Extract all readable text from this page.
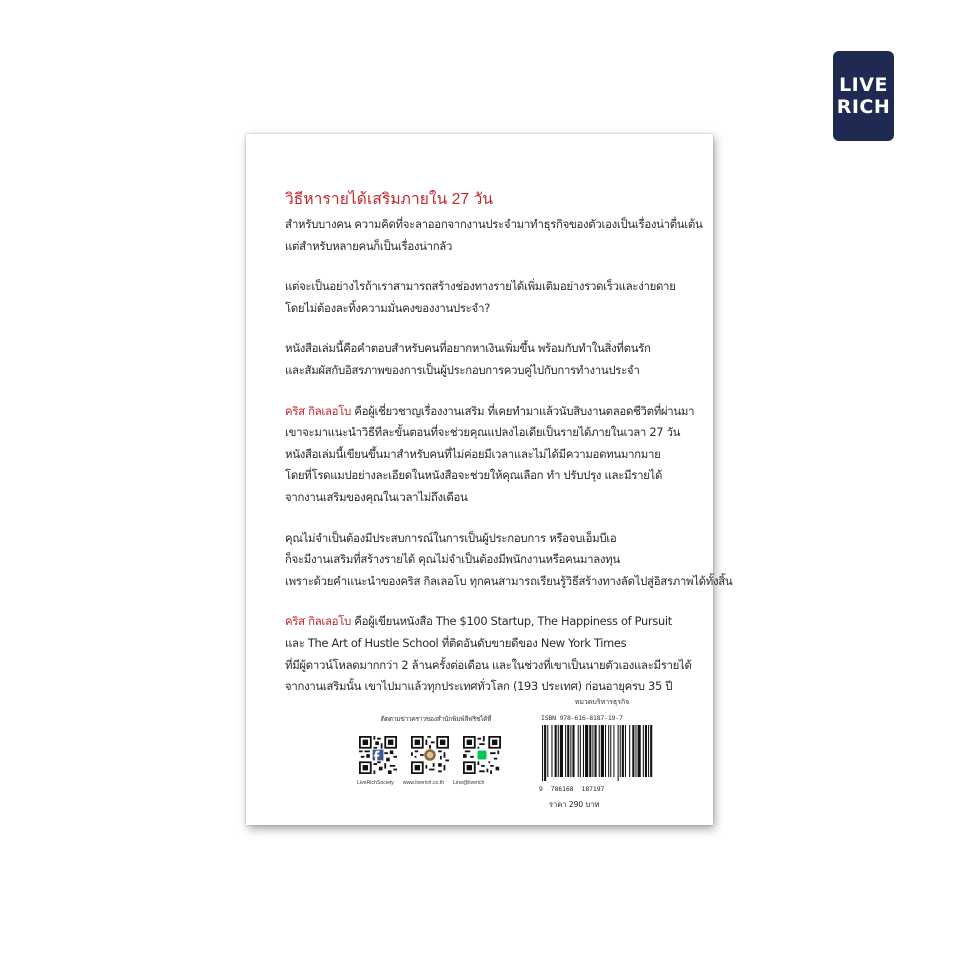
LIVE
RICH
วิธีหารายได้เสริมภายใน 27 วัน
สำหรับบางคน ความคิดที่จะลาออกจากงานประจำมาทำธุรกิจของตัวเองเป็นเรื่องน่าตื่นเต้น
แต่สำหรับหลายคนก็เป็นเรื่องน่ากลัว
แต่จะเป็นอย่างไรถ้าเราสามารถสร้างช่องทางรายได้เพิ่มเติมอย่างรวดเร็วและง่ายดาย
โดยไม่ต้องละทิ้งความมั่นคงของงานประจำ?
หนังสือเล่มนี้คือคำตอบสำหรับคนที่อยากหาเงินเพิ่มขึ้น พร้อมกับทำในสิ่งที่ตนรัก
และสัมผัสกับอิสรภาพของการเป็นผู้ประกอบการควบคู่ไปกับการทำงานประจำ
คริส กิลเลอโบ คือผู้เชี่ยวชาญเรื่องงานเสริม ที่เคยทำมาแล้วนับสิบงานตลอดชีวิตที่ผ่านมา
เขาจะมาแนะนำวิธีทีละขั้นตอนที่จะช่วยคุณแปลงไอเดียเป็นรายได้ภายในเวลา 27 วัน
หนังสือเล่มนี้เขียนขึ้นมาสำหรับคนที่ไม่ค่อยมีเวลาและไม่ได้มีความอดทนมากมาย
โดยที่โรดแมปอย่างละเอียดในหนังสือจะช่วยให้คุณเลือก ทำ ปรับปรุง และมีรายได้
จากงานเสริมของคุณในเวลาไม่ถึงเดือน
คุณไม่จำเป็นต้องมีประสบการณ์ในการเป็นผู้ประกอบการ หรือจบเอ็มบีเอ
ก็จะมีงานเสริมที่สร้างรายได้ คุณไม่จำเป็นต้องมีพนักงานหรือคนมาลงทุน
เพราะด้วยคำแนะนำของคริส กิลเลอโบ ทุกคนสามารถเรียนรู้วิธีสร้างทางลัดไปสู่อิสรภาพได้ทั้งสิ้น
คริส กิลเลอโบ คือผู้เขียนหนังสือ The $100 Startup, The Happiness of Pursuit
และ The Art of Hustle School ที่ติดอันดับขายดีของ New York Times
ที่มีผู้ดาวน์โหลดมากกว่า 2 ล้านครั้งต่อเดือน และในช่วงที่เขาเป็นนายตัวเองและมีรายได้
จากงานเสริมนั้น เขาไปมาแล้วทุกประเทศทั่วโลก (193 ประเทศ) ก่อนอายุครบ 35 ปี
ติดตามข่าวคราวของสำนักพิมพ์ลีฟริชได้ที่
LiveRichSociety www.liverich.co.th Line@liverich
หมวดบริหารธุรกิจ
ISBN 978-616-8187-19-7
9 786168 187197
ราคา 290 บาท
